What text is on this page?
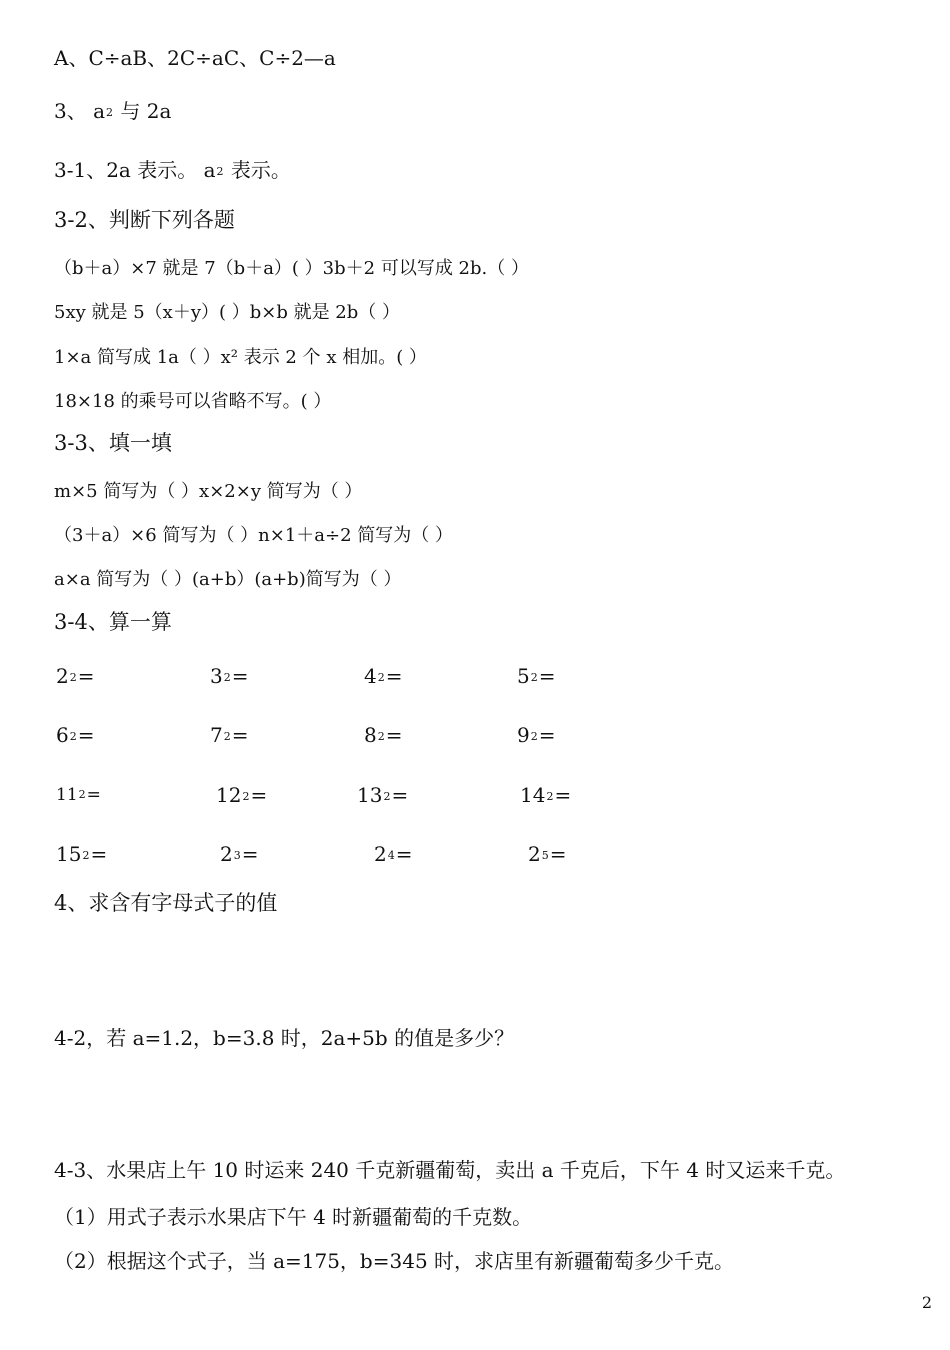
A、C÷aB、2C÷aC、C÷2—a
3、 $a^2$ 与 2a
3-1、2a 表示。 $a^2$ 表示。
3-2、判断下列各题
（b＋a）×7 就是 7（b＋a）( ）3b＋2 可以写成 2b.（ ）
5xy 就是 5（x＋y）( ）b×b 就是 2b（ ）
1×a 简写成 1a（ ）x² 表示 2 个 x 相加。( ）
18×18 的乘号可以省略不写。( ）
3-3、填一填
m×5 简写为（ ）x×2×y 简写为（ ）
（3＋a）×6 简写为（ ）n×1＋a÷2 简写为（ ）
a×a 简写为（ ）(a+b）(a+b)简写为（ ）
3-4、算一算
$2^2=$	$3^2=$	$4^2=$	$5^2=$
$6^2=$	$7^2=$	$8^2=$	$9^2=$
$11^2=$	$12^2=$	$13^2=$	$14^2=$
$15^2=$	$2^3=$	$2^4=$	$2^5=$
4、求含有字母式子的值
4-2，若 a=1.2，b=3.8 时，2a+5b 的值是多少？
4-3、水果店上午 10 时运来 240 千克新疆葡萄，卖出 a 千克后，下午 4 时又运来千克。
（1）用式子表示水果店下午 4 时新疆葡萄的千克数。
（2）根据这个式子，当 a=175，b=345 时，求店里有新疆葡萄多少千克。
2
